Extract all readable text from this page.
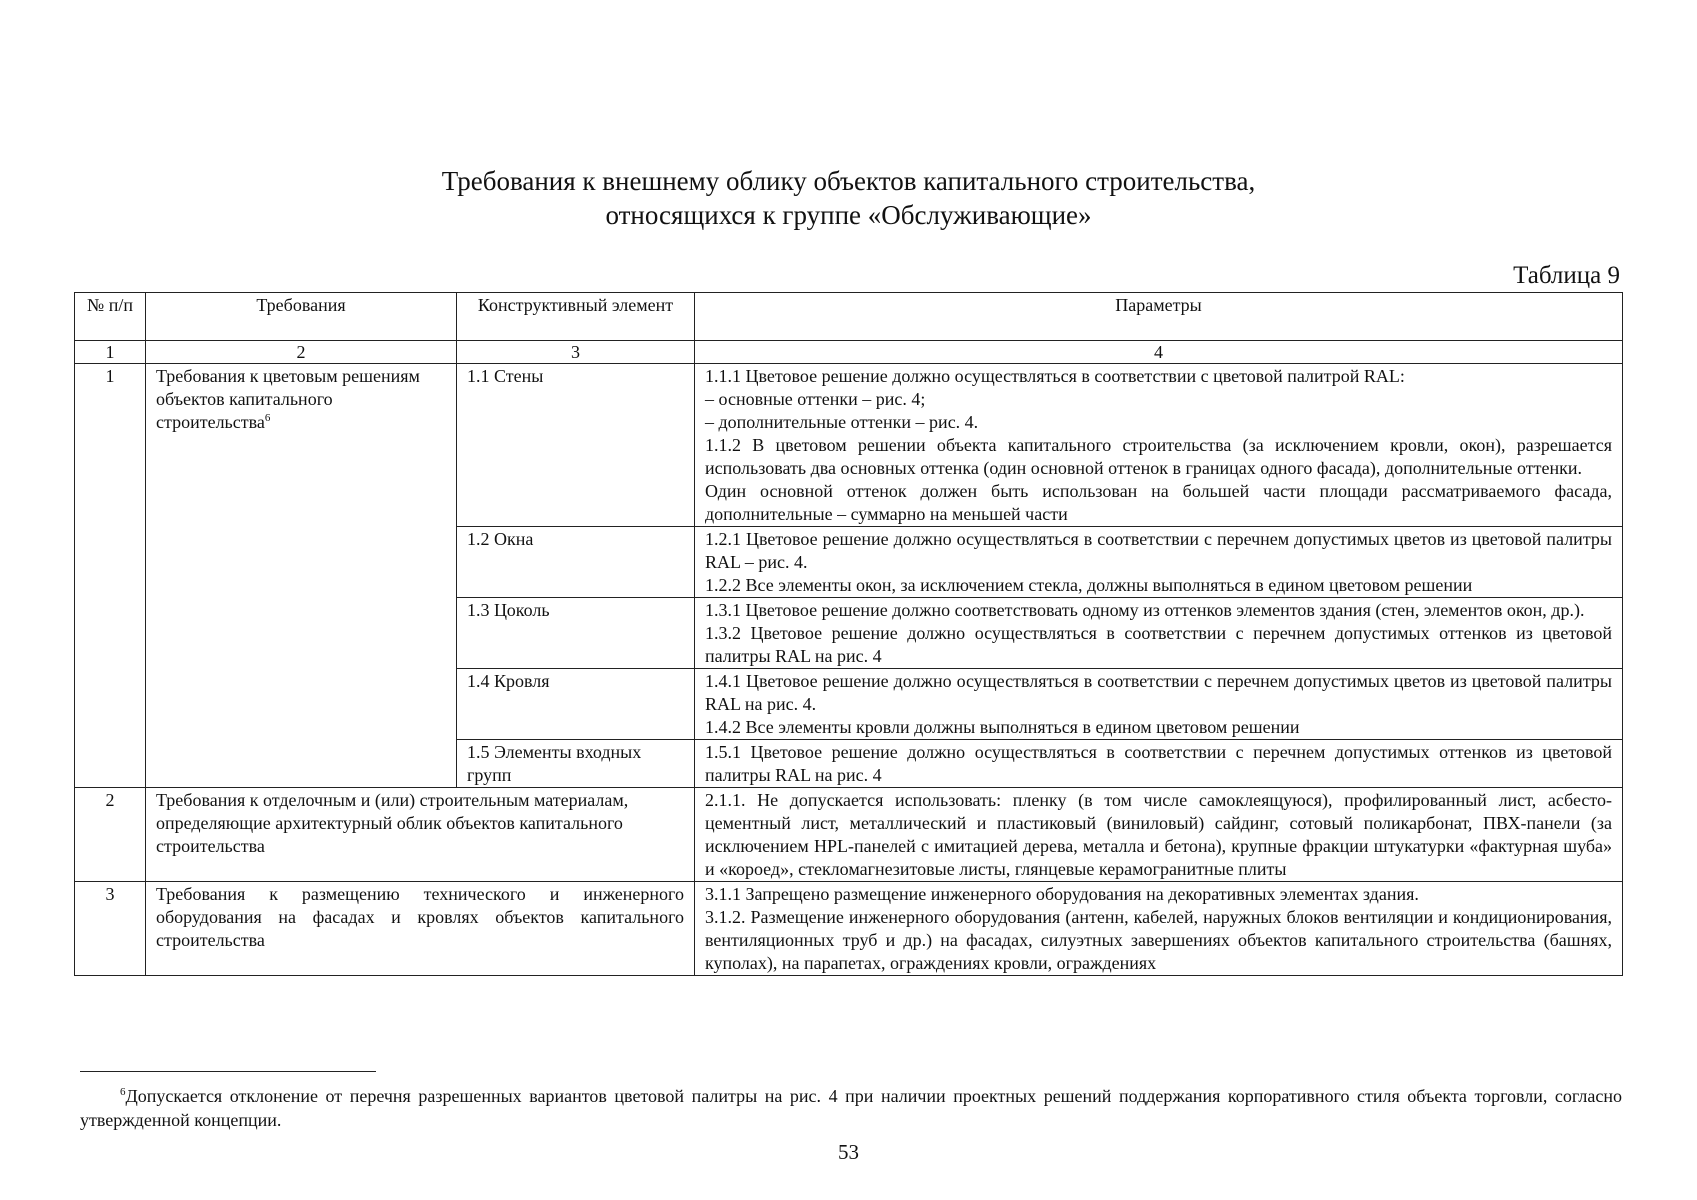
Требования к внешнему облику объектов капитального строительства,
относящихся к группе «Обслуживающие»
Таблица 9
№ п/п	Требования	Конструктивный элемент	Параметры
1	2	3	4
1	Требования к цветовым решениям объектов капитального строительства$^6$	1.1 Стены	1.1.1 Цветовое решение должно осуществляться в соответствии с цветовой палитрой RAL:
– основные оттенки – рис. 4;
– дополнительные оттенки – рис. 4.
1.1.2 В цветовом решении объекта капитального строительства (за исключением кровли, окон), разрешается использовать два основных оттенка (один основной оттенок в границах одного фасада), дополнительные оттенки.
Один основной оттенок должен быть использован на большей части площади рассматриваемого фасада, дополнительные – суммарно на меньшей части

		1.2 Окна	1.2.1 Цветовое решение должно осуществляться в соответствии с перечнем допустимых цветов из цветовой палитры RAL – рис. 4.
1.2.2 Все элементы окон, за исключением стекла, должны выполняться в едином цветовом решении

		1.3 Цоколь	1.3.1 Цветовое решение должно соответствовать одному из оттенков элементов здания (стен, элементов окон, др.).
1.3.2 Цветовое решение должно осуществляться в соответствии с перечнем допустимых оттенков из цветовой палитры RAL на рис. 4

		1.4 Кровля	1.4.1 Цветовое решение должно осуществляться в соответствии с перечнем допустимых цветов из цветовой палитры RAL на рис. 4.
1.4.2 Все элементы кровли должны выполняться в едином цветовом решении

		1.5 Элементы входных групп	1.5.1 Цветовое решение должно осуществляться в соответствии с перечнем допустимых оттенков из цветовой палитры RAL на рис. 4

2	Требования к отделочным и (или) строительным материалам, определяющие архитектурный облик объектов капитального строительства		2.1.1. Не допускается использовать: пленку (в том числе самоклеящуюся), профилированный лист, асбесто-цементный лист, металлический и пластиковый (виниловый) сайдинг, сотовый поликарбонат, ПВХ-панели (за исключением HPL-панелей с имитацией дерева, металла и бетона), крупные фракции штукатурки «фактурная шуба» и «короед», стекломагнезитовые листы, глянцевые керамогранитные плиты
3	Требования к размещению технического и инженерного оборудования на фасадах и кровлях объектов капитального строительства		3.1.1 Запрещено размещение инженерного оборудования на декоративных элементах здания.
3.1.2. Размещение инженерного оборудования (антенн, кабелей, наружных блоков вентиляции и кондиционирования, вентиляционных труб и др.) на фасадах, силуэтных завершениях объектов капитального строительства (башнях, куполах), на парапетах, ограждениях кровли, ограждениях
$^6$Допускается отклонение от перечня разрешенных вариантов цветовой палитры на рис. 4 при наличии проектных решений поддержания корпоративного стиля объекта торговли, согласно утвержденной концепции.
53
